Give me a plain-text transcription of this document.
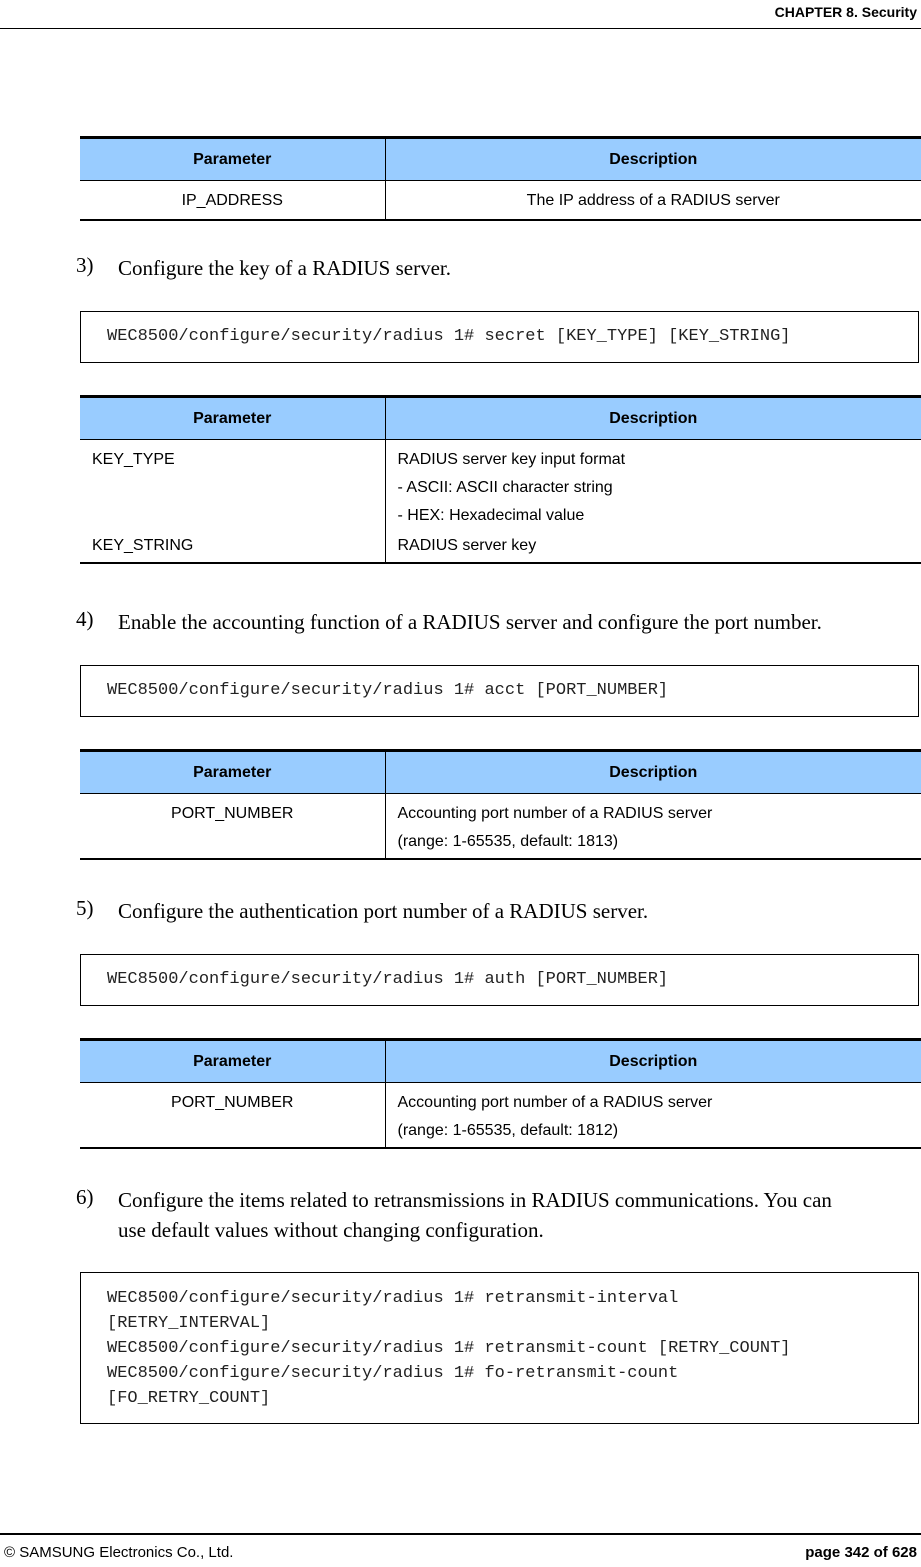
CHAPTER 8. Security
Parameter	Description

IP_ADDRESS	The IP address of a RADIUS server
3) Configure the key of a RADIUS server.
WEC8500/configure/security/radius 1# secret [KEY_TYPE] [KEY_STRING]
Parameter	Description

KEY_TYPE	RADIUS server key input format
- ASCII: ASCII character string
- HEX: Hexadecimal value

KEY_STRING	RADIUS server key
4) Enable the accounting function of a RADIUS server and configure the port number.
WEC8500/configure/security/radius 1# acct [PORT_NUMBER]
Parameter	Description

PORT_NUMBER	Accounting port number of a RADIUS server
(range: 1-65535, default: 1813)
5) Configure the authentication port number of a RADIUS server.
WEC8500/configure/security/radius 1# auth [PORT_NUMBER]
Parameter	Description

PORT_NUMBER	Accounting port number of a RADIUS server
(range: 1-65535, default: 1812)
6) Configure the items related to retransmissions in RADIUS communications. You can
use default values without changing configuration.
WEC8500/configure/security/radius 1# retransmit-interval
[RETRY_INTERVAL]
WEC8500/configure/security/radius 1# retransmit-count [RETRY_COUNT]
WEC8500/configure/security/radius 1# fo-retransmit-count
[FO_RETRY_COUNT]
© SAMSUNG Electronics Co., Ltd.	page 342 of 628
